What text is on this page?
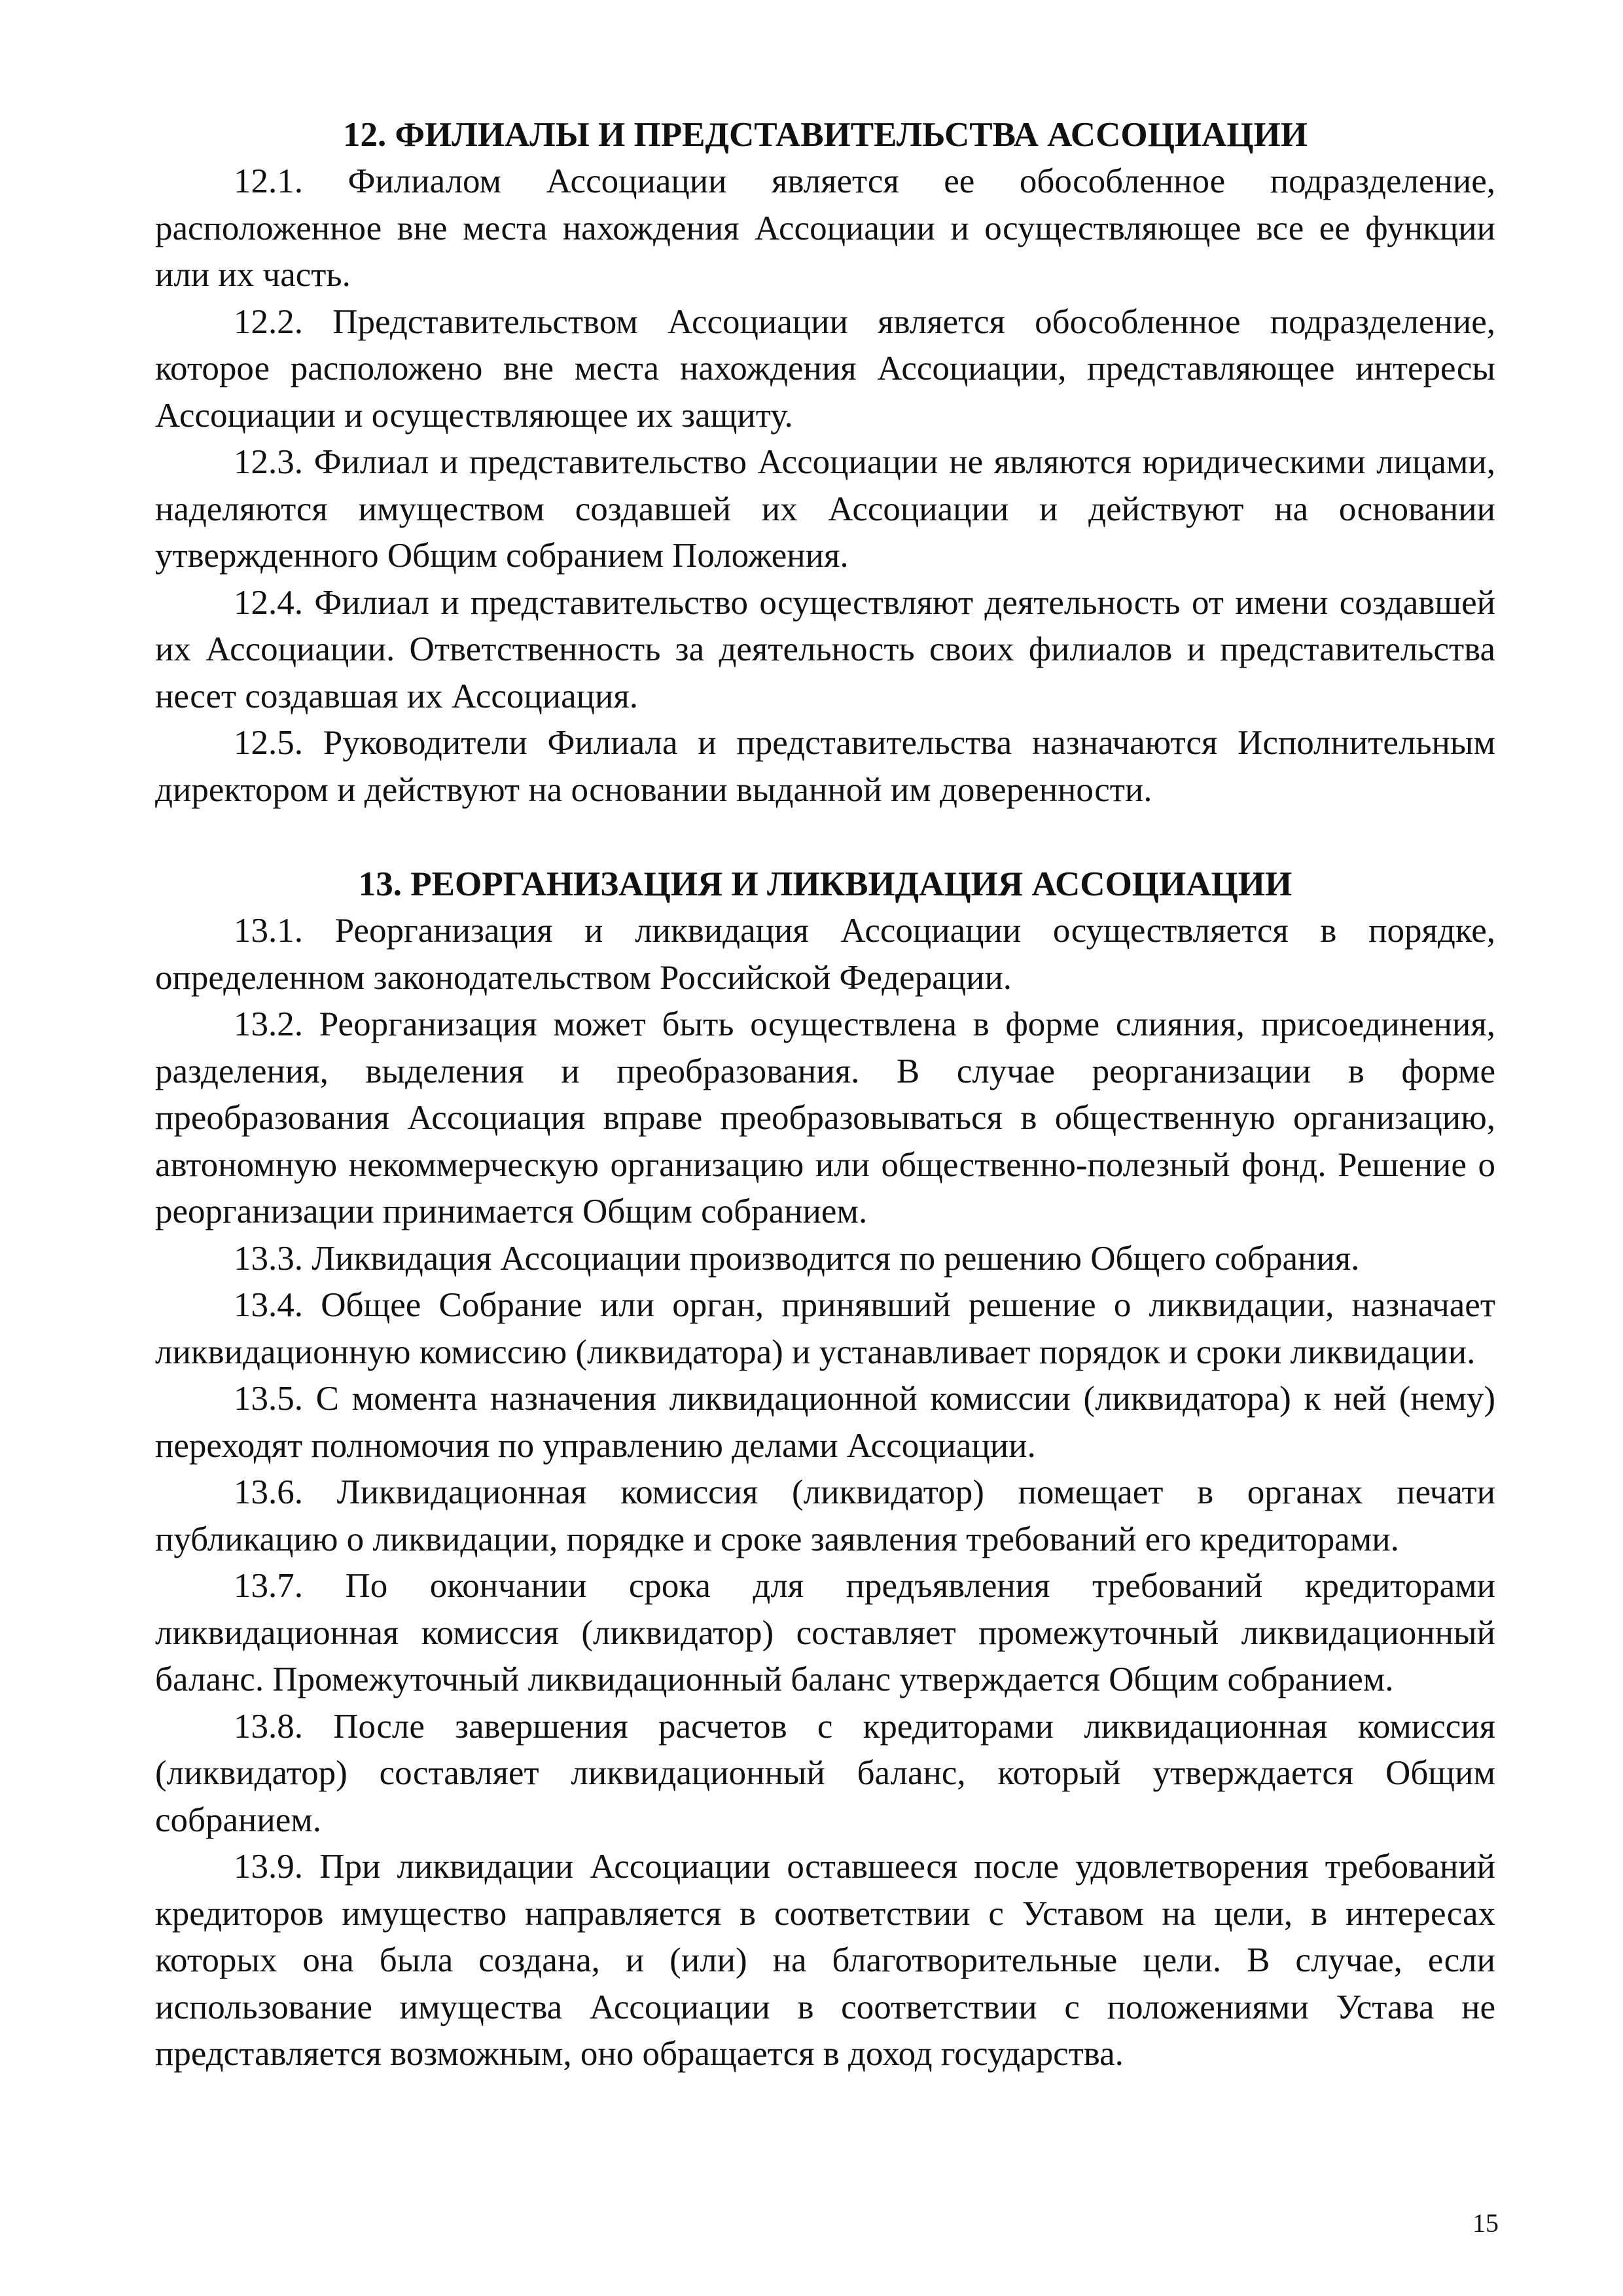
12. ФИЛИАЛЫ И ПРЕДСТАВИТЕЛЬСТВА АССОЦИАЦИИ

12.1. Филиалом Ассоциации является ее обособленное подразделение, расположенное вне места нахождения Ассоциации и осуществляющее все ее функции или их часть.

12.2. Представительством Ассоциации является обособленное подразделение, которое расположено вне места нахождения Ассоциации, представляющее интересы Ассоциации и осуществляющее их защиту.

12.3. Филиал и представительство Ассоциации не являются юридическими лицами, наделяются имуществом создавшей их Ассоциации и действуют на основании утвержденного Общим собранием Положения.

12.4. Филиал и представительство осуществляют деятельность от имени создавшей их Ассоциации. Ответственность за деятельность своих филиалов и представительства несет создавшая их Ассоциация.

12.5. Руководители Филиала и представительства назначаются Исполнительным директором и действуют на основании выданной им доверенности.

13. РЕОРГАНИЗАЦИЯ И ЛИКВИДАЦИЯ АССОЦИАЦИИ

13.1. Реорганизация и ликвидация Ассоциации осуществляется в порядке, определенном законодательством Российской Федерации.

13.2. Реорганизация может быть осуществлена в форме слияния, присоединения, разделения, выделения и преобразования. В случае реорганизации в форме преобразования Ассоциация вправе преобразовываться в общественную организацию, автономную некоммерческую организацию или общественно-полезный фонд. Решение о реорганизации принимается Общим собранием.

13.3. Ликвидация Ассоциации производится по решению Общего собрания.

13.4. Общее Собрание или орган, принявший решение о ликвидации, назначает ликвидационную комиссию (ликвидатора) и устанавливает порядок и сроки ликвидации.

13.5. С момента назначения ликвидационной комиссии (ликвидатора) к ней (нему) переходят полномочия по управлению делами Ассоциации.

13.6. Ликвидационная комиссия (ликвидатор) помещает в органах печати публикацию о ликвидации, порядке и сроке заявления требований его кредиторами.

13.7. По окончании срока для предъявления требований кредиторами ликвидационная комиссия (ликвидатор) составляет промежуточный ликвидационный баланс. Промежуточный ликвидационный баланс утверждается Общим собранием.

13.8. После завершения расчетов с кредиторами ликвидационная комиссия (ликвидатор) составляет ликвидационный баланс, который утверждается Общим собранием.

13.9. При ликвидации Ассоциации оставшееся после удовлетворения требований кредиторов имущество направляется в соответствии с Уставом на цели, в интересах которых она была создана, и (или) на благотворительные цели. В случае, если использование имущества Ассоциации в соответствии с положениями Устава не представляется возможным, оно обращается в доход государства.

15
